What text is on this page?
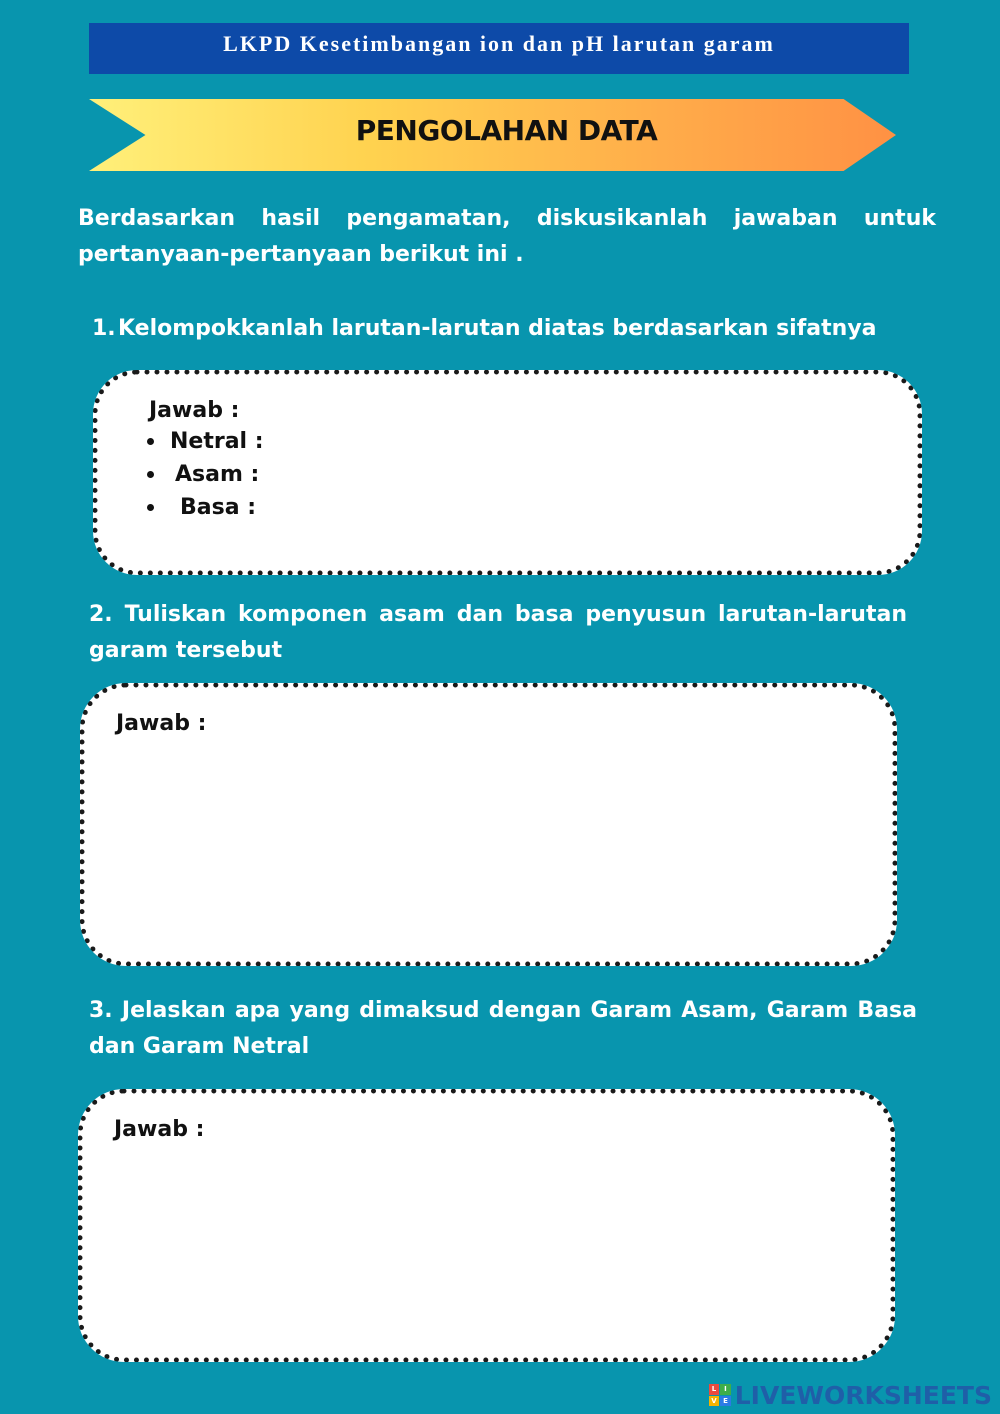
LKPD Kesetimbangan ion dan pH larutan garam
PENGOLAHAN DATA
Berdasarkan hasil pengamatan, diskusikanlah jawaban untuk pertanyaan-pertanyaan berikut ini .
1. Kelompokkanlah larutan-larutan diatas berdasarkan sifatnya
Jawab :
Netral :
Asam :
Basa :
2. Tuliskan komponen asam dan basa penyusun larutan-larutan garam tersebut
Jawab :
3. Jelaskan apa yang dimaksud dengan Garam Asam, Garam Basa dan Garam Netral
Jawab :
L	I
V E LIVEWORKSHEETS
